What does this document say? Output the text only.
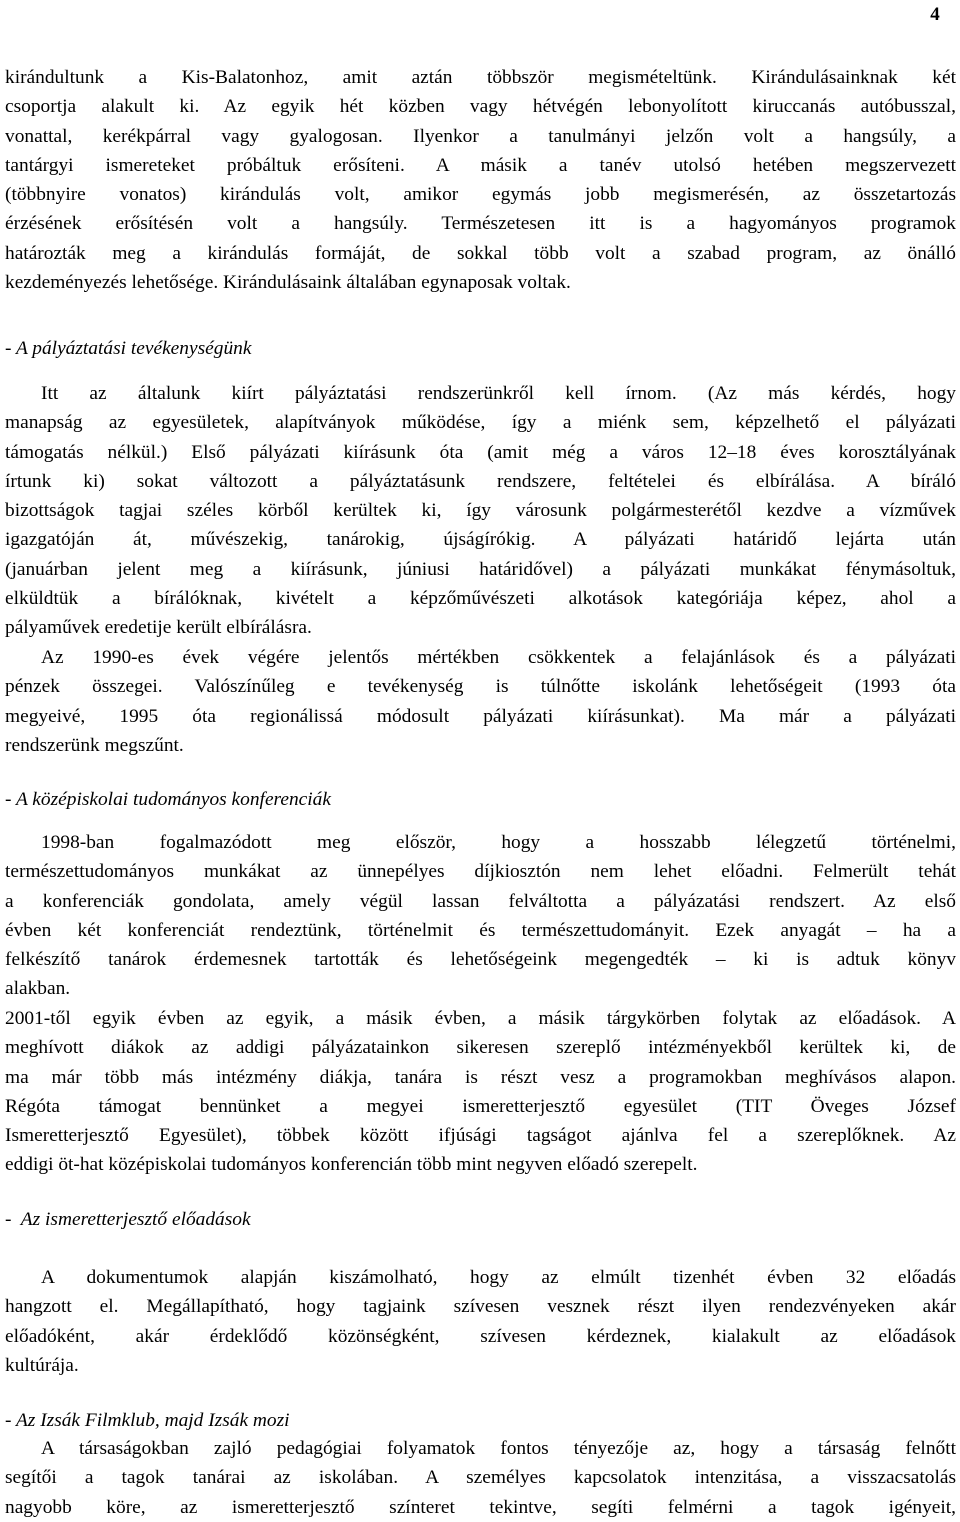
4

kirándultunk a Kis-Balatonhoz, amit aztán többször megismételtünk. Kirándulásainknak két
csoportja alakult ki. Az egyik hét közben vagy hétvégén lebonyolított kiruccanás autóbusszal,
vonattal, kerékpárral vagy gyalogosan. Ilyenkor a tanulmányi jelzőn volt a hangsúly, a
tantárgyi ismereteket próbáltuk erősíteni. A másik a tanév utolsó hetében megszervezett
(többnyire vonatos) kirándulás volt, amikor egymás jobb megismerésén, az összetartozás
érzésének erősítésén volt a hangsúly. Természetesen itt is a hagyományos programok
határozták meg a kirándulás formáját, de sokkal több volt a szabad program, az önálló
kezdeményezés lehetősége. Kirándulásaink általában egynaposak voltak.

- A pályáztatási tevékenységünk

Itt az általunk kiírt pályáztatási rendszerünkről kell írnom. (Az más kérdés, hogy
manapság az egyesületek, alapítványok működése, így a miénk sem, képzelhető el pályázati
támogatás nélkül.) Első pályázati kiírásunk óta (amit még a város 12–18 éves korosztályának
írtunk ki) sokat változott a pályáztatásunk rendszere, feltételei és elbírálása. A bíráló
bizottságok tagjai széles körből kerültek ki, így városunk polgármesterétől kezdve a vízművek
igazgatóján át, művészekig, tanárokig, újságírókig. A pályázati határidő lejárta után
(januárban jelent meg a kiírásunk, júniusi határidővel) a pályázati munkákat fénymásoltuk,
elküldtük a bírálóknak, kivételt a képzőművészeti alkotások kategóriája képez, ahol a
pályaművek eredetije került elbírálásra.

Az 1990-es évek végére jelentős mértékben csökkentek a felajánlások és a pályázati
pénzek összegei. Valószínűleg e tevékenység is túlnőtte iskolánk lehetőségeit (1993 óta
megyeivé, 1995 óta regionálissá módosult pályázati kiírásunkat). Ma már a pályázati
rendszerünk megszűnt.

- A középiskolai tudományos konferenciák

1998-ban fogalmazódott meg először, hogy a hosszabb lélegzetű történelmi,
természettudományos munkákat az ünnepélyes díjkiosztón nem lehet előadni. Felmerült tehát
a konferenciák gondolata, amely végül lassan felváltotta a pályázatási rendszert. Az első
évben két konferenciát rendeztünk, történelmit és természettudományit. Ezek anyagát – ha a
felkészítő tanárok érdemesnek tartották és lehetőségeink megengedték – ki is adtuk könyv
alakban.

2001-től egyik évben az egyik, a másik évben, a másik tárgykörben folytak az előadások. A
meghívott diákok az addigi pályázatainkon sikeresen szereplő intézményekből kerültek ki, de
ma már több más intézmény diákja, tanára is részt vesz a programokban meghívásos alapon.
Régóta támogat bennünket a megyei ismeretterjesztő egyesület (TIT Öveges József
Ismeretterjesztő Egyesület), többek között ifjúsági tagságot ajánlva fel a szereplőknek. Az
eddigi öt-hat középiskolai tudományos konferencián több mint negyven előadó szerepelt.

-  Az ismeretterjesztő előadások

A dokumentumok alapján kiszámolható, hogy az elmúlt tizenhét évben 32 előadás
hangzott el. Megállapítható, hogy tagjaink szívesen vesznek részt ilyen rendezvényeken akár
előadóként, akár érdeklődő közönségként, szívesen kérdeznek, kialakult az előadások
kultúrája.

- Az Izsák Filmklub, majd Izsák mozi

A társaságokban zajló pedagógiai folyamatok fontos tényezője az, hogy a társaság felnőtt
segítői a tagok tanárai az iskolában. A személyes kapcsolatok intenzitása, a visszacsatolás
nagyobb köre, az ismeretterjesztő színteret tekintve, segíti felmérni a tagok igényeit,
